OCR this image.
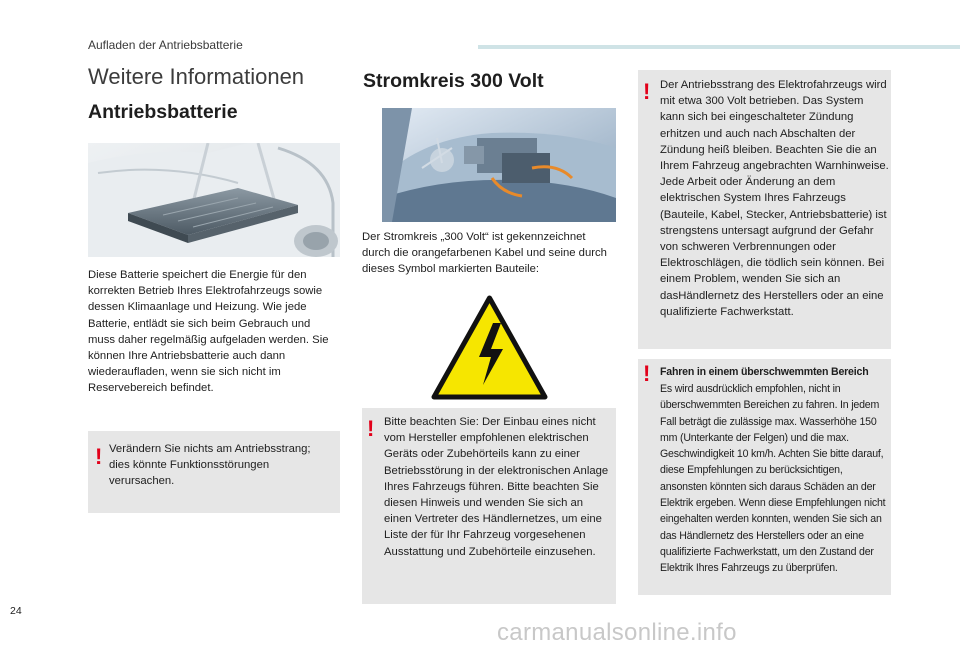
Aufladen der Antriebsbatterie
Weitere Informationen
Antriebsbatterie
Diese Batterie speichert die Energie für den korrekten Betrieb Ihres Elektrofahrzeugs sowie dessen Klimaanlage und Heizung. Wie jede Batterie, entlädt sie sich beim Gebrauch und muss daher regelmäßig aufgeladen werden. Sie können Ihre Antriebsbatterie auch dann wiederaufladen, wenn sie sich nicht im Reservebereich befindet.
! Verändern Sie nichts am Antriebsstrang; dies könnte Funktionsstörungen verursachen.
Stromkreis 300 Volt
Der Stromkreis „300 Volt“ ist gekennzeichnet durch die orangefarbenen Kabel und seine durch dieses Symbol markierten Bauteile:
! Bitte beachten Sie: Der Einbau eines nicht vom Hersteller empfohlenen elektrischen Geräts oder Zubehörteils kann zu einer Betriebsstörung in der elektronischen Anlage Ihres Fahrzeugs führen. Bitte beachten Sie diesen Hinweis und wenden Sie sich an einen Vertreter des Händlernetzes, um eine Liste der für Ihr Fahrzeug vorgesehenen Ausstattung und Zubehörteile einzusehen.
! Der Antriebsstrang des Elektrofahrzeugs wird mit etwa 300 Volt betrieben. Das System kann sich bei eingeschalteter Zündung erhitzen und auch nach Abschalten der Zündung heiß bleiben. Beachten Sie die an Ihrem Fahrzeug angebrachten Warnhinweise. Jede Arbeit oder Änderung an dem elektrischen System Ihres Fahrzeugs (Bauteile, Kabel, Stecker, Antriebsbatterie) ist strengstens untersagt aufgrund der Gefahr von schweren Verbrennungen oder Elektroschlägen, die tödlich sein können. Bei einem Problem, wenden Sie sich an dasHändlernetz des Herstellers oder an eine qualifizierte Fachwerkstatt.
! Fahren in einem überschwemmten Bereich
Es wird ausdrücklich empfohlen, nicht in überschwemmten Bereichen zu fahren. In jedem Fall beträgt die zulässige max. Wasserhöhe 150 mm (Unterkante der Felgen) und die max. Geschwindigkeit 10 km/h. Achten Sie bitte darauf, diese Empfehlungen zu berücksichtigen, ansonsten könnten sich daraus Schäden an der Elektrik ergeben. Wenn diese Empfehlungen nicht eingehalten werden konnten, wenden Sie sich an das Händlernetz des Herstellers oder an eine qualifizierte Fachwerkstatt, um den Zustand der Elektrik Ihres Fahrzeugs zu überprüfen.
24
carmanualsonline.info
